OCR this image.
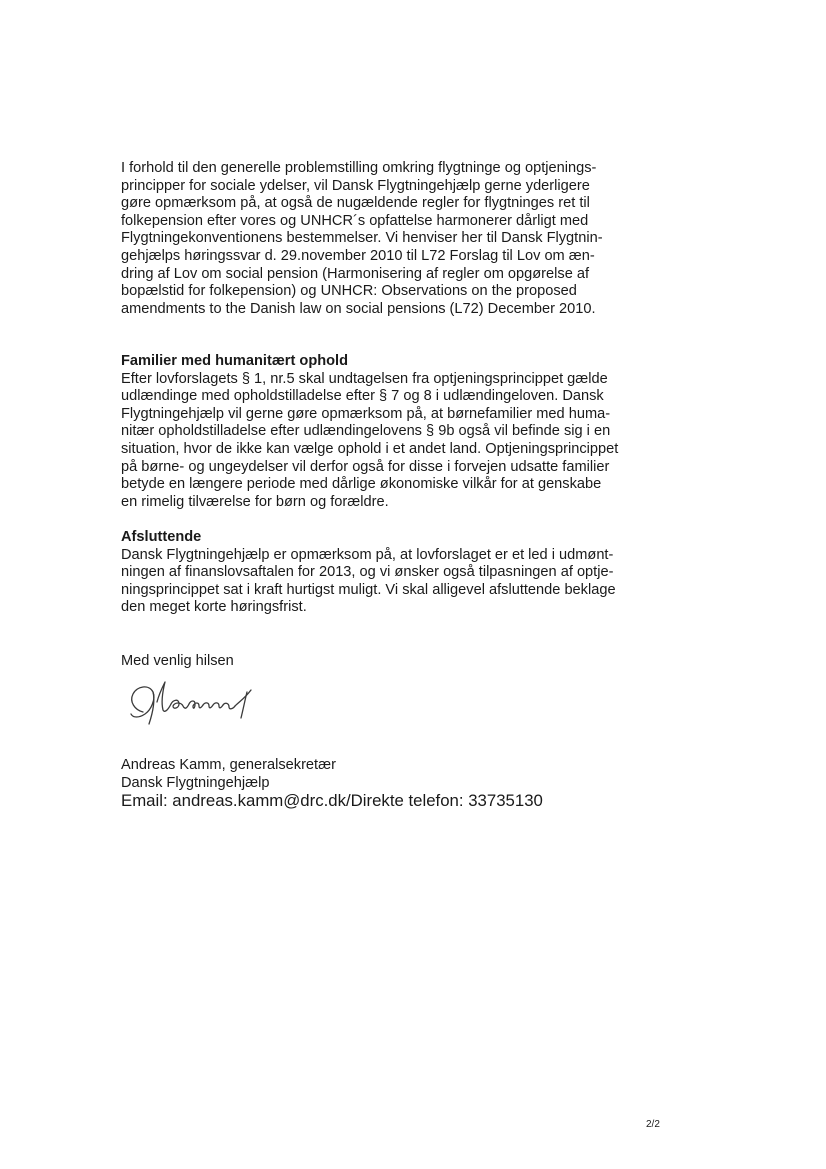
I forhold til den generelle problemstilling omkring flygtninge og optjenings-
principper for sociale ydelser, vil Dansk Flygtningehjælp gerne yderligere
gøre opmærksom på, at også de nugældende regler for flygtninges ret til
folkepension efter vores og UNHCR´s opfattelse harmonerer dårligt med
Flygtningekonventionens bestemmelser. Vi henviser her til Dansk Flygtnin-
gehjælps høringssvar d. 29.november 2010 til L72 Forslag til Lov om æn-
dring af Lov om social pension (Harmonisering af regler om opgørelse af
bopælstid for folkepension) og UNHCR: Observations on the proposed
amendments to the Danish law on social pensions (L72) December 2010.
Familier med humanitært ophold
Efter lovforslagets § 1, nr.5 skal undtagelsen fra optjeningsprincippet gælde
udlændinge med opholdstilladelse efter § 7 og 8 i udlændingeloven. Dansk
Flygtningehjælp vil gerne gøre opmærksom på, at børnefamilier med huma-
nitær opholdstilladelse efter udlændingelovens § 9b også vil befinde sig i en
situation, hvor de ikke kan vælge ophold i et andet land. Optjeningsprincippet
på børne- og ungeydelser vil derfor også for disse i forvejen udsatte familier
betyde en længere periode med dårlige økonomiske vilkår for at genskabe
en rimelig tilværelse for børn og forældre.
Afsluttende
Dansk Flygtningehjælp er opmærksom på, at lovforslaget er et led i udmønt-
ningen af finanslovsaftalen for 2013, og vi ønsker også tilpasningen af optje-
ningsprincippet sat i kraft hurtigst muligt. Vi skal alligevel afsluttende beklage
den meget korte høringsfrist.
Med venlig hilsen
Andreas Kamm, generalsekretær
Dansk Flygtningehjælp
Email: andreas.kamm@drc.dk/Direkte telefon: 33735130
2/2
